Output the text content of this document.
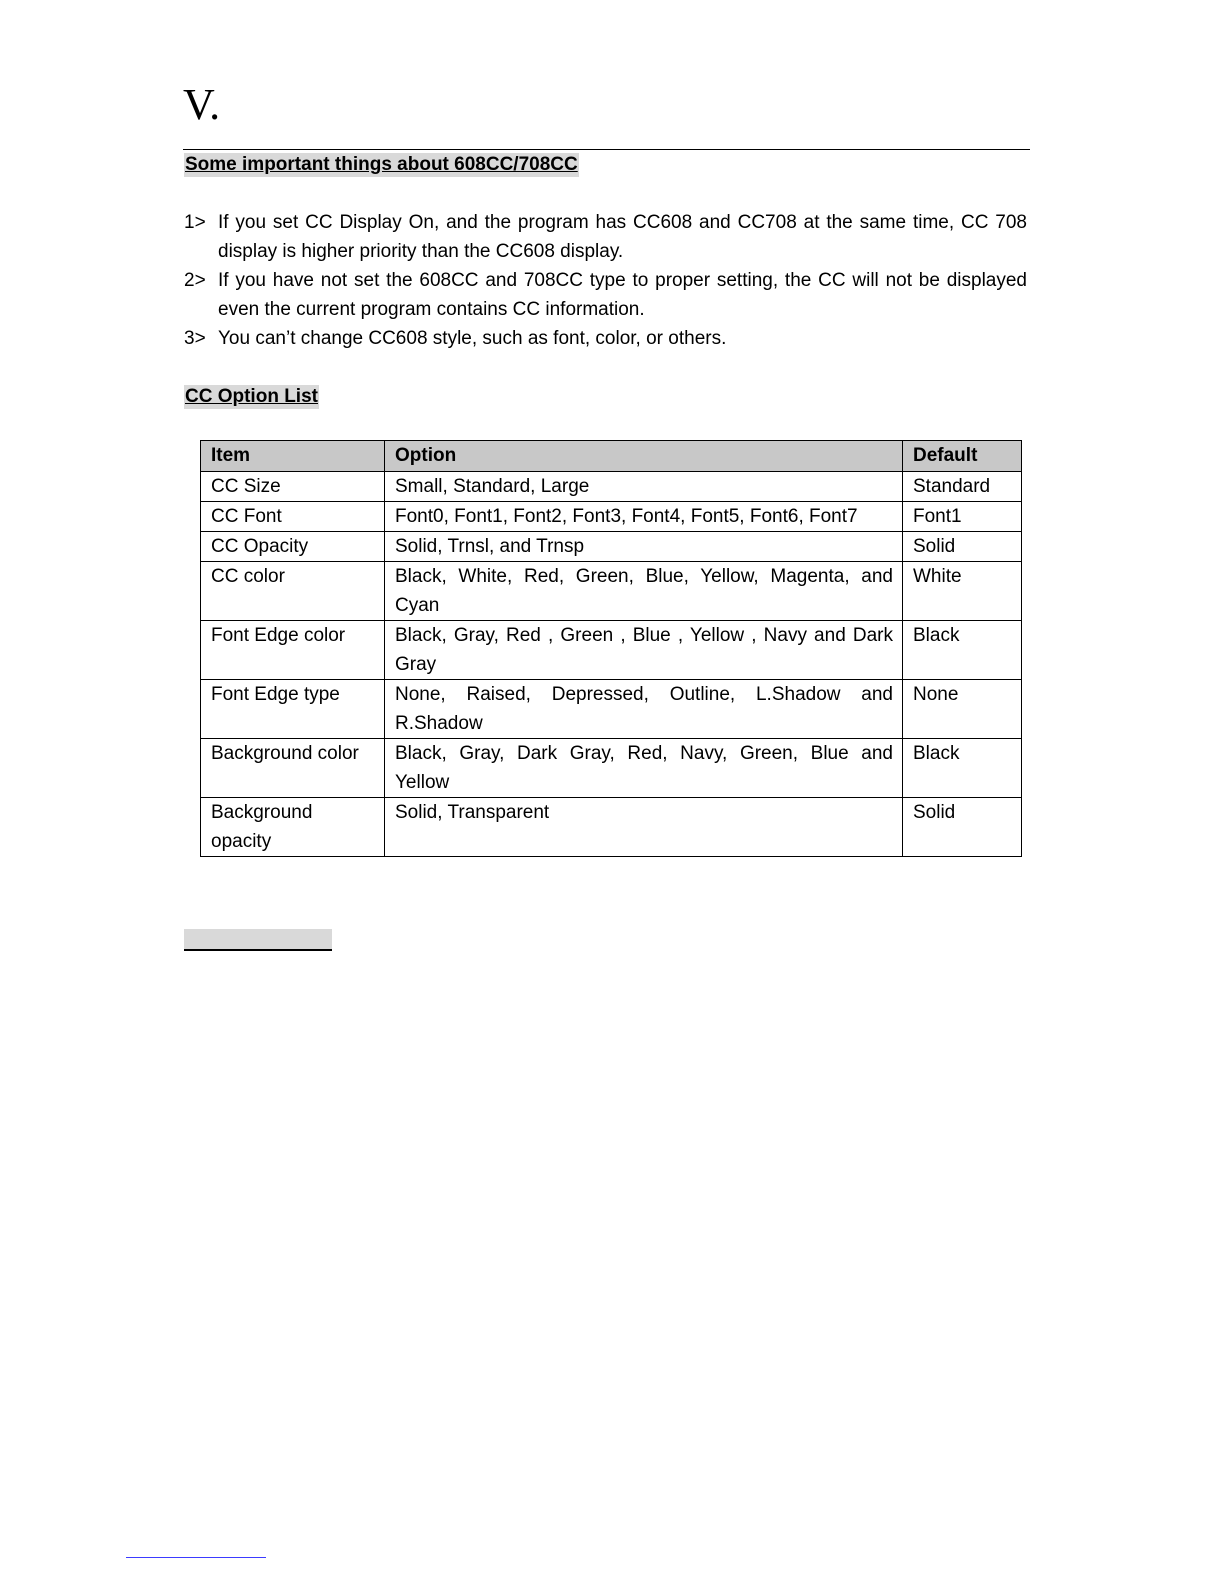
V.
Some important things about 608CC/708CC
1> If you set CC Display On, and the program has CC608 and CC708 at the same time, CC 708 display is higher priority than the CC608 display.
2> If you have not set the 608CC and 708CC type to proper setting, the CC will not be displayed even the current program contains CC information.
3> You can’t change CC608 style, such as font, color, or others.
CC Option List
Item	Option	Default
CC Size	Small, Standard, Large	Standard
CC Font	Font0, Font1, Font2, Font3, Font4, Font5, Font6, Font7	Font1
CC Opacity	Solid, Trnsl, and Trnsp	Solid
CC color	Black, White, Red, Green, Blue, Yellow, Magenta, and Cyan	White
Font Edge color	Black, Gray, Red , Green , Blue , Yellow , Navy and Dark Gray	Black
Font Edge type	None, Raised, Depressed, Outline, L.Shadow and R.Shadow	None
Background color	Black, Gray, Dark Gray, Red, Navy, Green, Blue and Yellow	Black
Background opacity	Solid, Transparent	Solid
